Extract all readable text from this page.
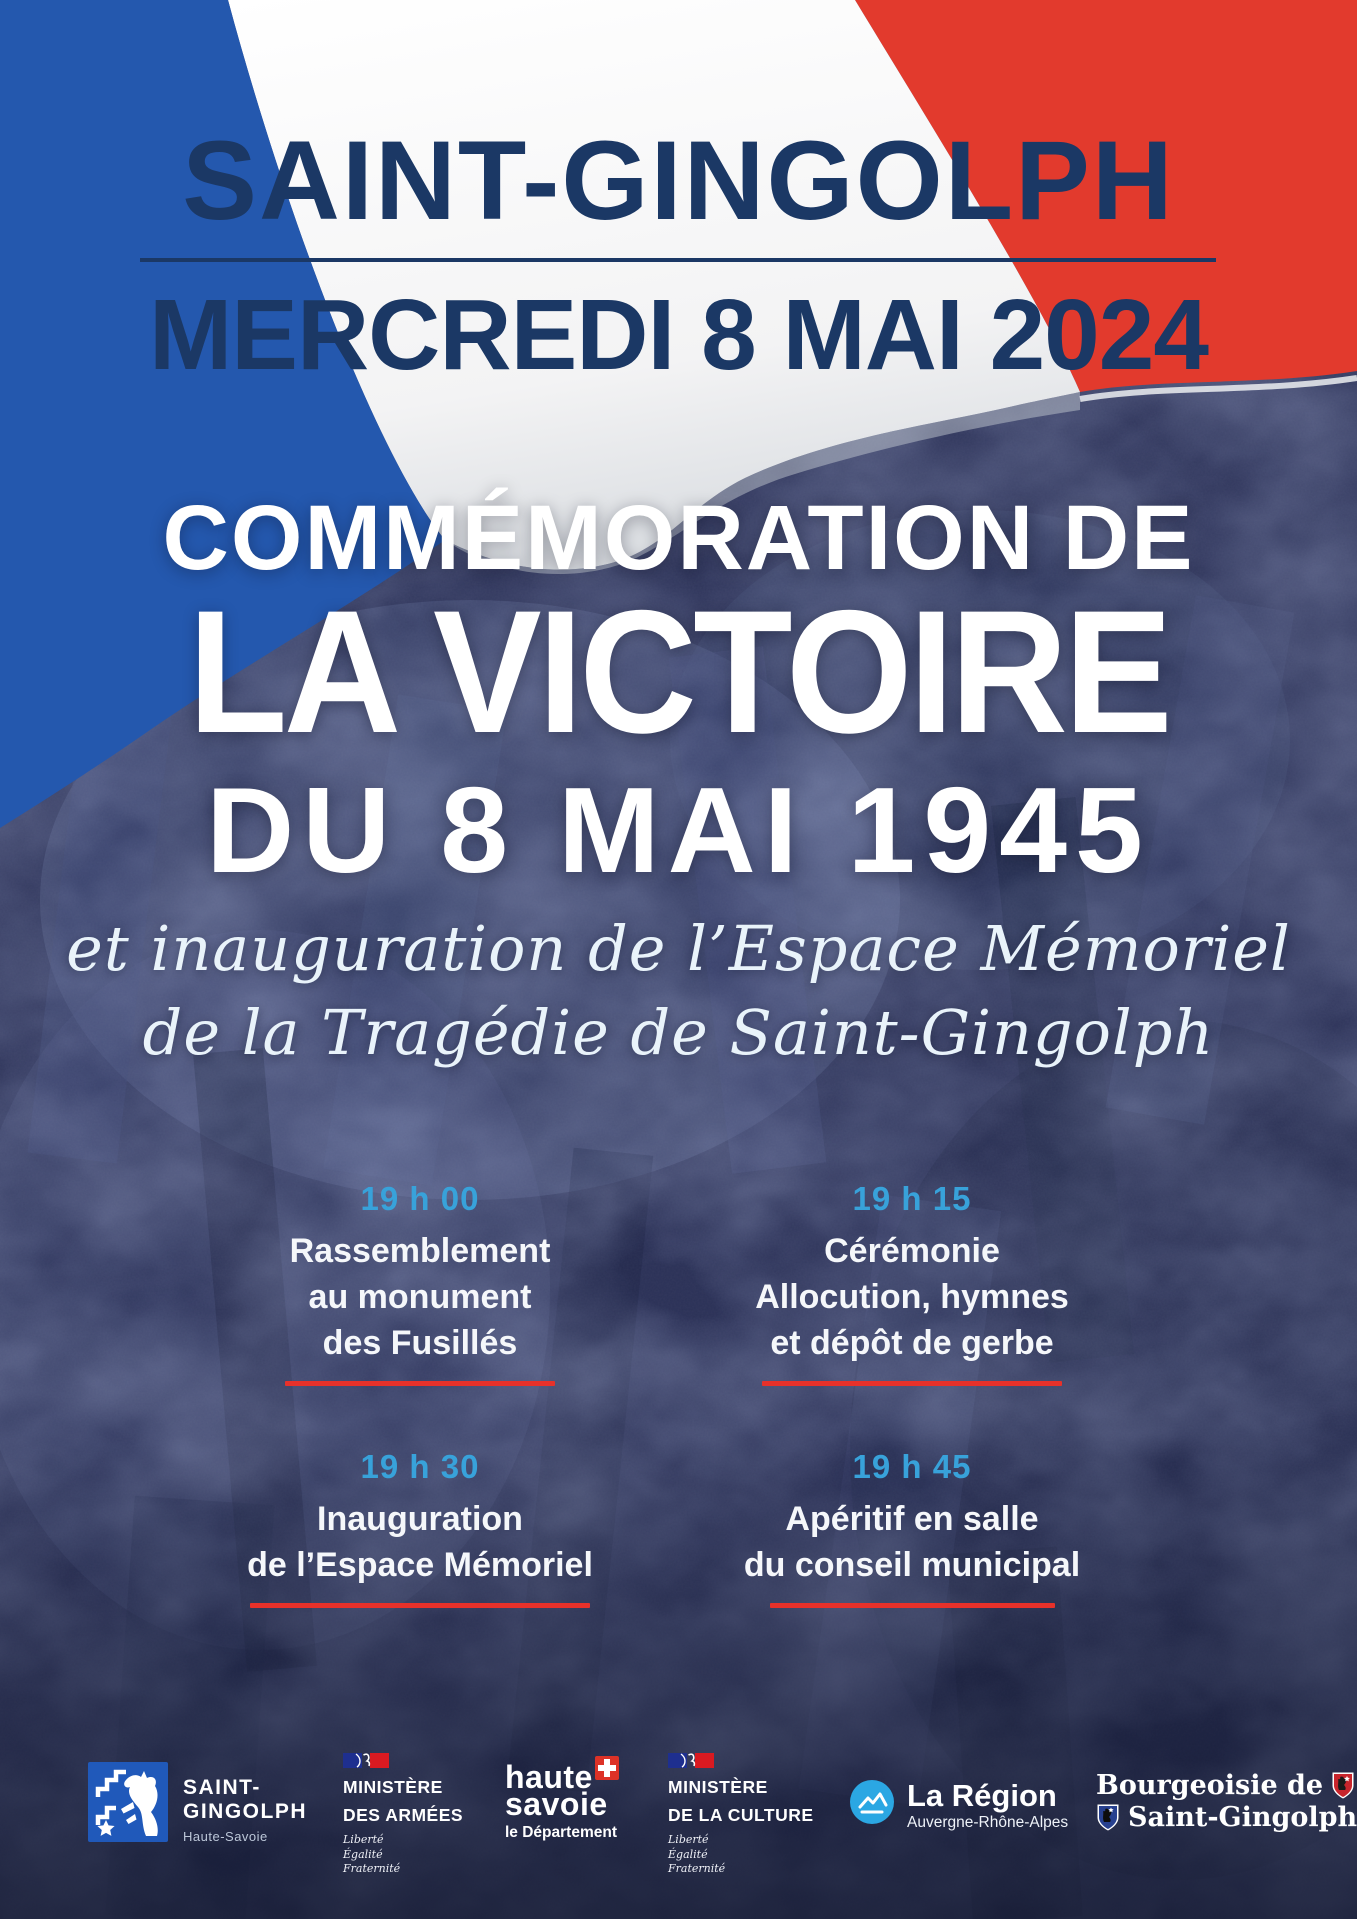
SAINT-GINGOLPH
MERCREDI 8 MAI 2024
COMMÉMORATION DE
LA VICTOIRE
DU 8 MAI 1945
et inauguration de l’Espace Mémoriel
de la Tragédie de Saint-Gingolph
19 h 00
Rassemblement
au monument
des Fusillés
19 h 15
Cérémonie
Allocution, hymnes
et dépôt de gerbe
19 h 30
Inauguration
de l’Espace Mémoriel
19 h 45
Apéritif en salle
du conseil municipal
SAINT-
GINGOLPH
Haute-Savoie
MINISTÈRE
DES ARMÉES
Liberté
Égalité
Fraternité
haute
savoie
le Département
MINISTÈRE
DE LA CULTURE
Liberté
Égalité
Fraternité
La Région
Auvergne-Rhône-Alpes
Bourgeoisie de
Saint-Gingolph
